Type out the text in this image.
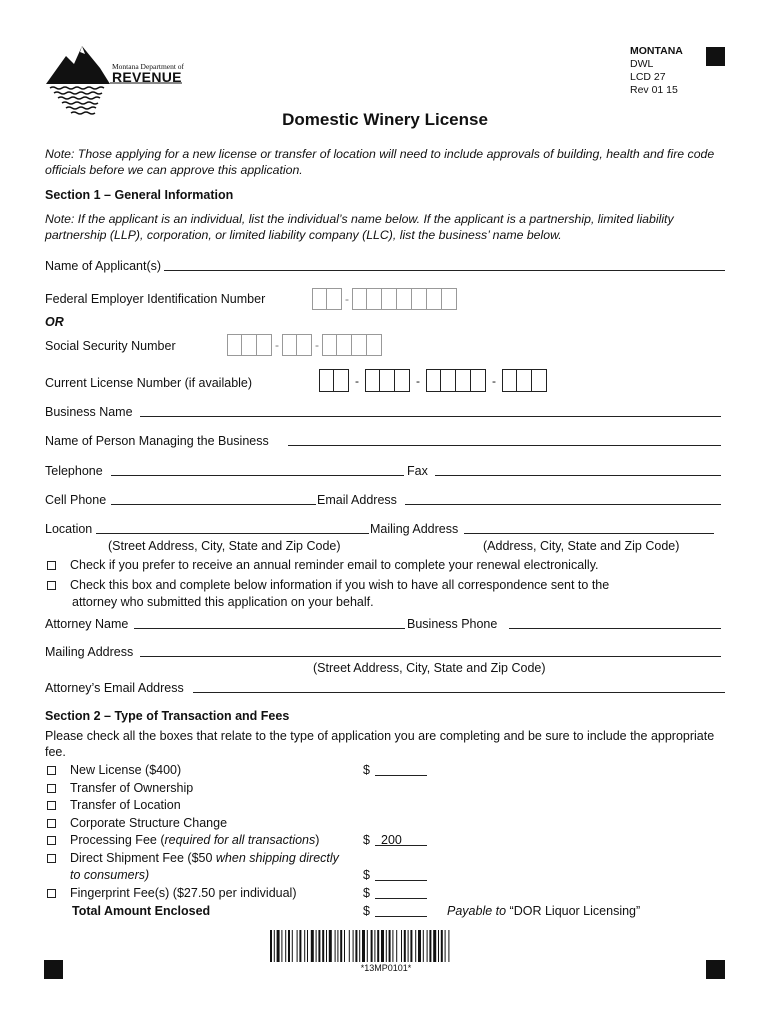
Montana Department of
REVENUE
MONTANA
DWL
LCD 27
Rev 01 15
Domestic Winery License
Note: Those applying for a new license or transfer of location will need to include approvals of building, health and fire code officials before we can approve this application.
Section 1 – General Information
Note: If the applicant is an individual, list the individual’s name below. If the applicant is a partnership, limited liability partnership (LLP), corporation, or limited liability company (LLC), list the business’ name below.
Name of Applicant(s)
Federal Employer Identification Number	-
OR
Social Security Number	-	-
Current License Number (if available)	-	-	-
Business Name
Name of Person Managing the Business
Telephone	Fax
Cell Phone	Email Address
Location	Mailing Address
(Street Address, City, State and Zip Code)	(Address, City, State and Zip Code)
Check if you prefer to receive an annual reminder email to complete your renewal electronically.
Check this box and complete below information if you wish to have all correspondence sent to the
attorney who submitted this application on your behalf.
Attorney Name	Business Phone
Mailing Address
(Street Address, City, State and Zip Code)
Attorney’s Email Address
Section 2 – Type of Transaction and Fees
Please check all the boxes that relate to the type of application you are completing and be sure to include the appropriate fee.
New License ($400)	$
Transfer of Ownership
Transfer of Location
Corporate Structure Change
Processing Fee (required for all transactions)	$ 200
Direct Shipment Fee ($50 when shipping directly
to consumers)	$
Fingerprint Fee(s) ($27.50 per individual)	$
Total Amount Enclosed	$	Payable to “DOR Liquor Licensing”
*13MP0101*
